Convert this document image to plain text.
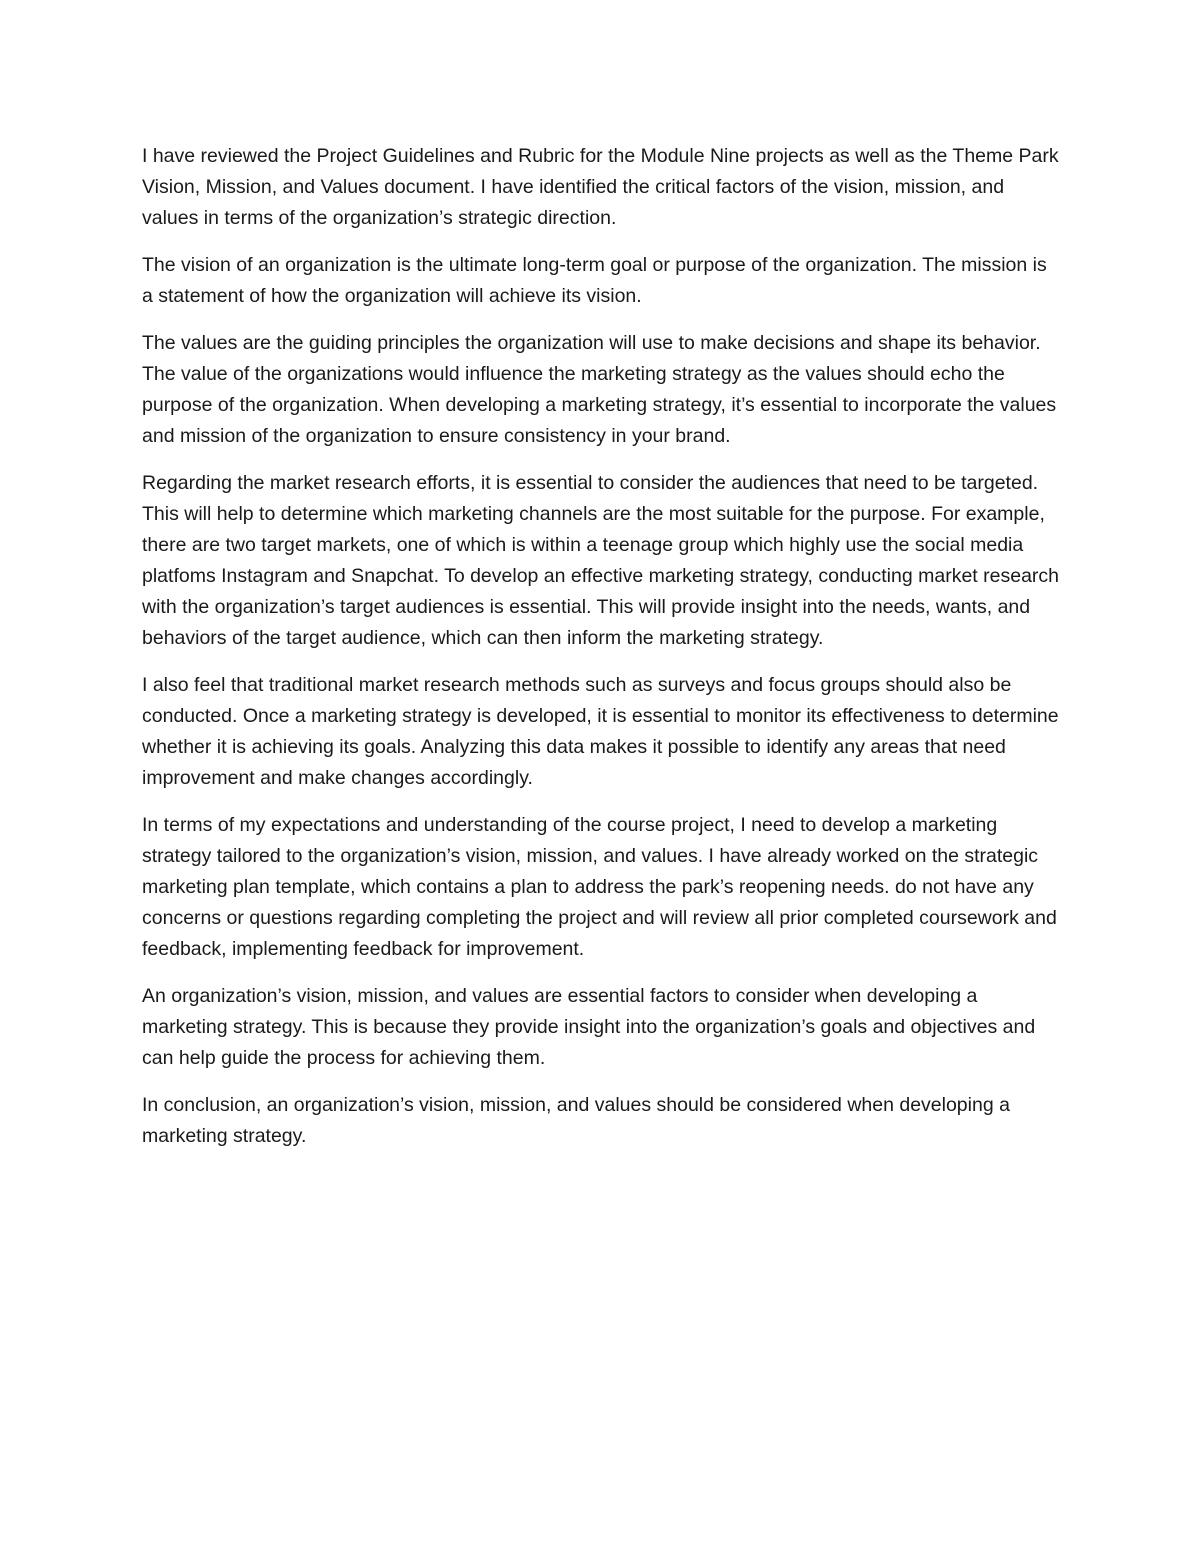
I have reviewed the Project Guidelines and Rubric for the Module Nine projects as well as the Theme Park Vision, Mission, and Values document. I have identified the critical factors of the vision, mission, and values in terms of the organization’s strategic direction.

The vision of an organization is the ultimate long-term goal or purpose of the organization. The mission is a statement of how the organization will achieve its vision.

The values are the guiding principles the organization will use to make decisions and shape its behavior. The value of the organizations would influence the marketing strategy as the values should echo the purpose of the organization. When developing a marketing strategy, it’s essential to incorporate the values and mission of the organization to ensure consistency in your brand.

Regarding the market research efforts, it is essential to consider the audiences that need to be targeted. This will help to determine which marketing channels are the most suitable for the purpose. For example, there are two target markets, one of which is within a teenage group which highly use the social media platfoms Instagram and Snapchat. To develop an effective marketing strategy, conducting market research with the organization’s target audiences is essential. This will provide insight into the needs, wants, and behaviors of the target audience, which can then inform the marketing strategy.

I also feel that traditional market research methods such as surveys and focus groups should also be conducted. Once a marketing strategy is developed, it is essential to monitor its effectiveness to determine whether it is achieving its goals. Analyzing this data makes it possible to identify any areas that need improvement and make changes accordingly.

In terms of my expectations and understanding of the course project, I need to develop a marketing strategy tailored to the organization’s vision, mission, and values. I have already worked on the strategic marketing plan template, which contains a plan to address the park’s reopening needs. do not have any concerns or questions regarding completing the project and will review all prior completed coursework and feedback, implementing feedback for improvement.

An organization’s vision, mission, and values are essential factors to consider when developing a marketing strategy. This is because they provide insight into the organization’s goals and objectives and can help guide the process for achieving them.

In conclusion, an organization’s vision, mission, and values should be considered when developing a marketing strategy.
